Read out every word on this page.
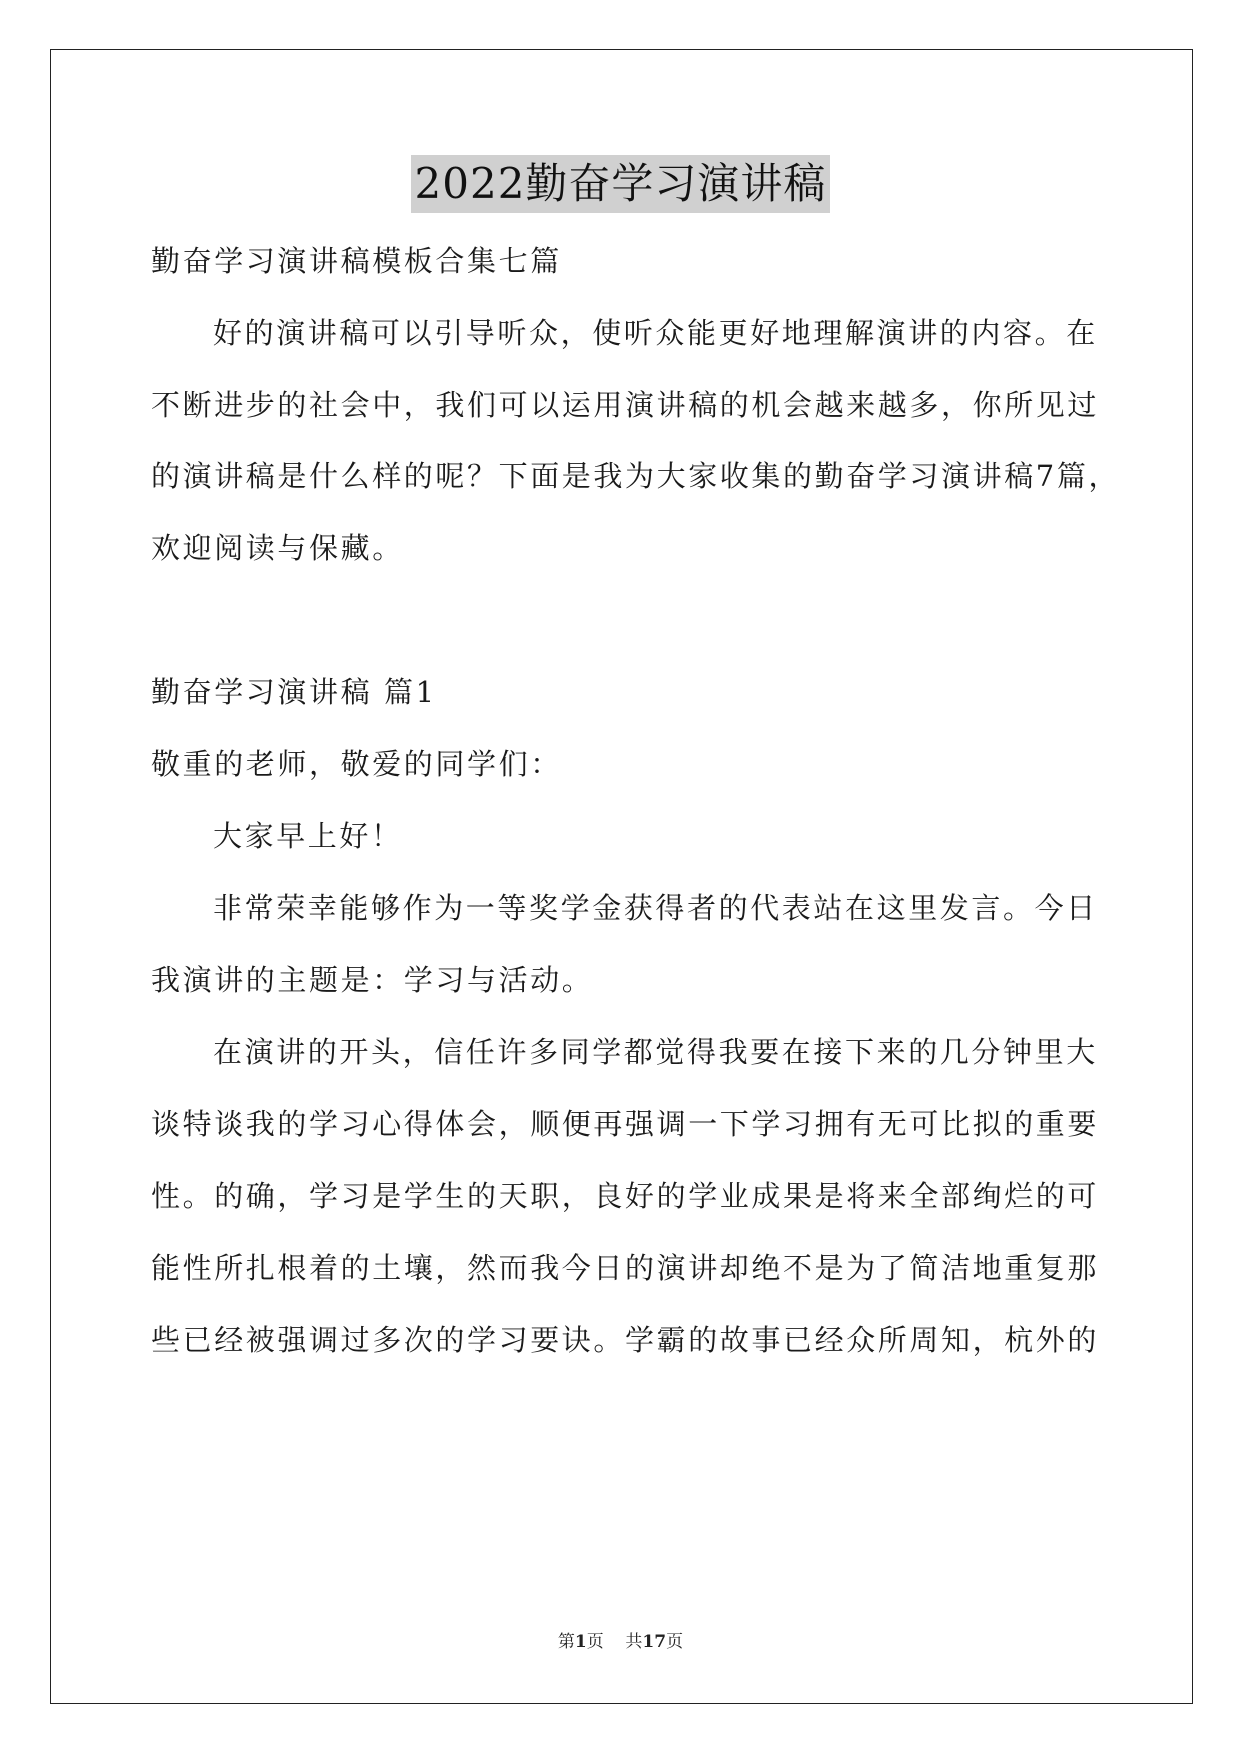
2022勤奋学习演讲稿
勤奋学习演讲稿模板合集七篇
好的演讲稿可以引导听众，使听众能更好地理解演讲的内容。在
不断进步的社会中，我们可以运用演讲稿的机会越来越多，你所见过
的演讲稿是什么样的呢？下面是我为大家收集的勤奋学习演讲稿7篇，
欢迎阅读与保藏。
勤奋学习演讲稿 篇1
敬重的老师，敬爱的同学们：
大家早上好！
非常荣幸能够作为一等奖学金获得者的代表站在这里发言。今日
我演讲的主题是：学习与活动。
在演讲的开头，信任许多同学都觉得我要在接下来的几分钟里大
谈特谈我的学习心得体会，顺便再强调一下学习拥有无可比拟的重要
性。的确，学习是学生的天职，良好的学业成果是将来全部绚烂的可
能性所扎根着的土壤，然而我今日的演讲却绝不是为了简洁地重复那
些已经被强调过多次的学习要诀。学霸的故事已经众所周知，杭外的
第1页 共17页
